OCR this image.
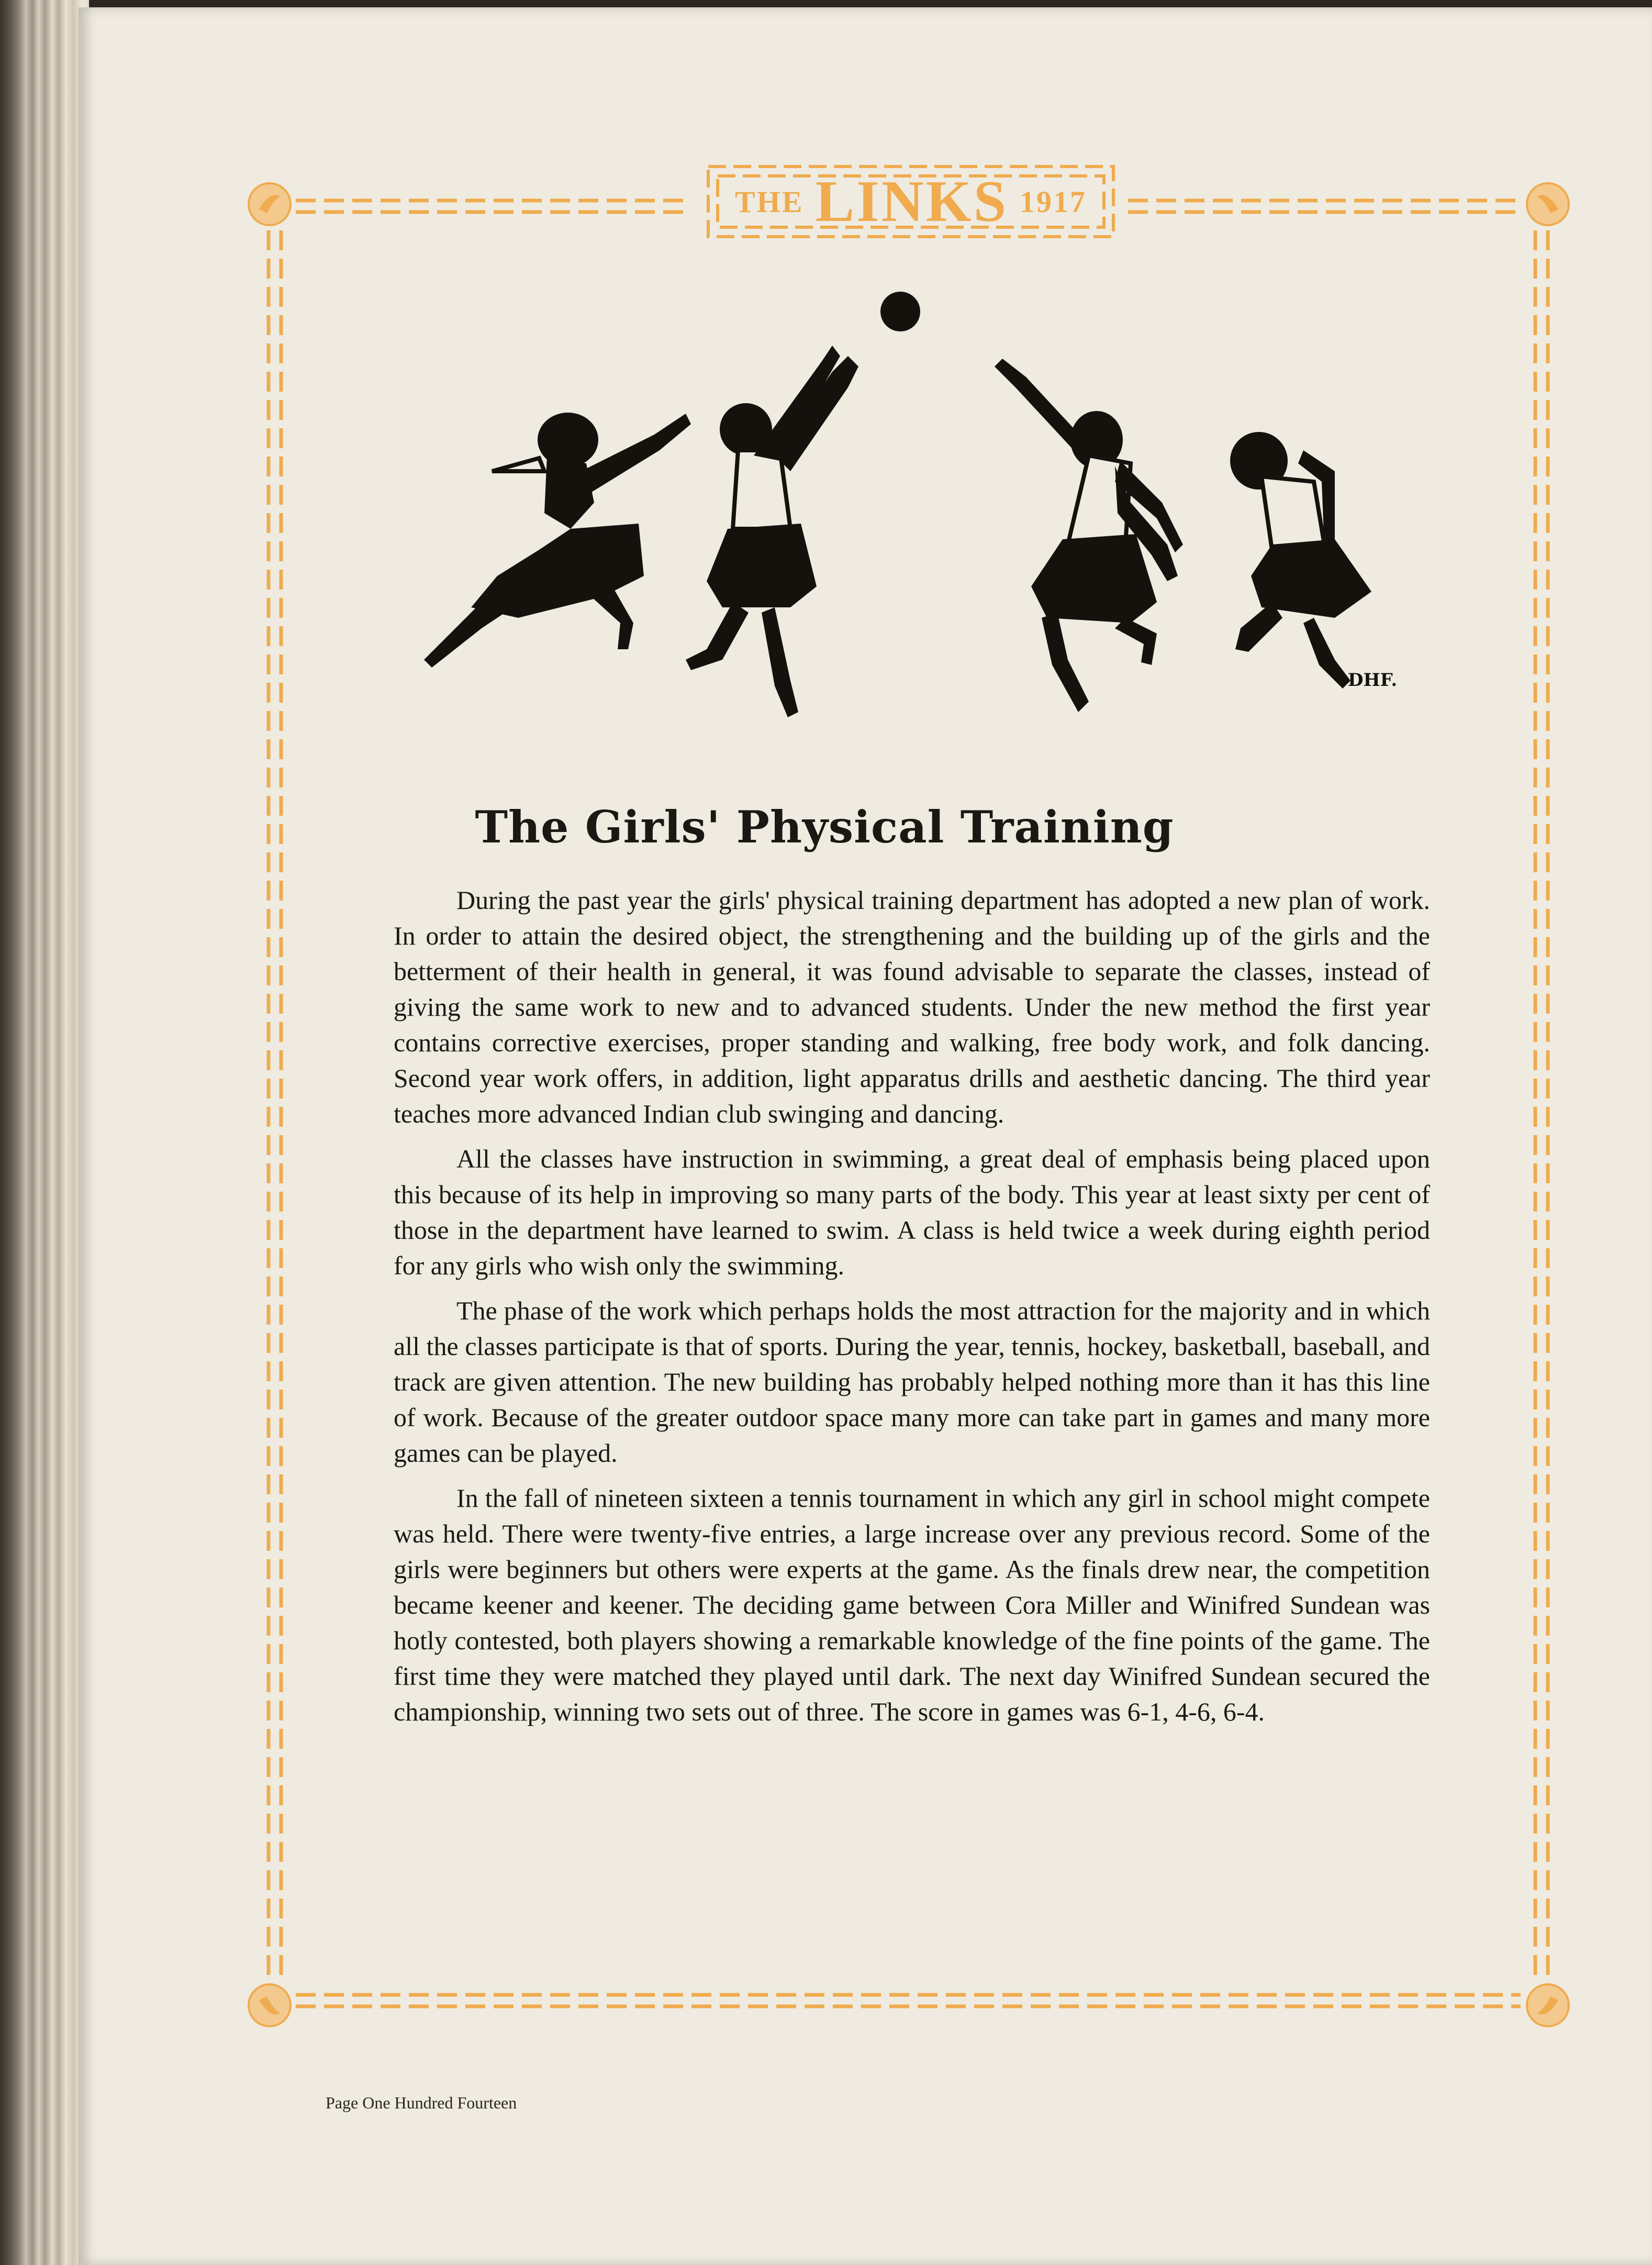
THE LINKS 1917
DHF.
The Girls' Physical Training

During the past year the girls' physical training department has adopted a new plan of work. In order to attain the desired object, the strengthening and the building up of the girls and the betterment of their health in general, it was found advisable to separate the classes, instead of giving the same work to new and to advanced students. Under the new method the first year contains corrective exercises, proper standing and walking, free body work, and folk dancing. Second year work offers, in addition, light apparatus drills and aesthetic dancing. The third year teaches more advanced Indian club swinging and dancing.

All the classes have instruction in swimming, a great deal of emphasis being placed upon this because of its help in improving so many parts of the body. This year at least sixty per cent of those in the department have learned to swim. A class is held twice a week during eighth period for any girls who wish only the swimming.

The phase of the work which perhaps holds the most attraction for the majority and in which all the classes participate is that of sports. During the year, tennis, hockey, basketball, baseball, and track are given attention. The new building has probably helped nothing more than it has this line of work. Because of the greater outdoor space many more can take part in games and many more games can be played.

In the fall of nineteen sixteen a tennis tournament in which any girl in school might compete was held. There were twenty-five entries, a large increase over any previous record. Some of the girls were beginners but others were experts at the game. As the finals drew near, the competition became keener and keener. The deciding game between Cora Miller and Winifred Sundean was hotly contested, both players showing a remarkable knowledge of the fine points of the game. The first time they were matched they played until dark. The next day Winifred Sundean secured the championship, winning two sets out of three. The score in games was 6-1, 4-6, 6-4.

Page One Hundred Fourteen
